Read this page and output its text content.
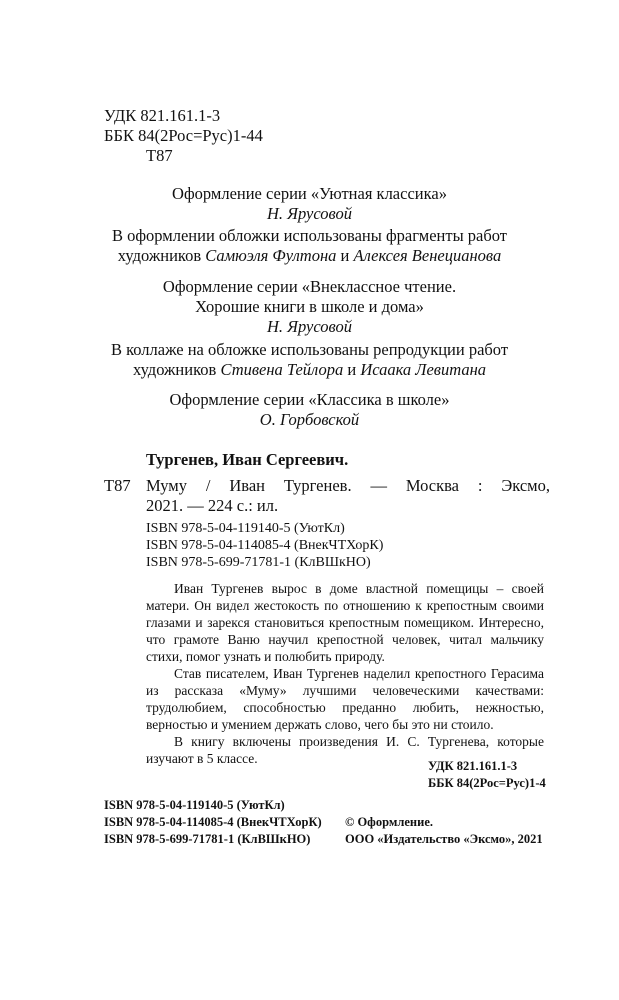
УДК 821.161.1-3
ББК 84(2Рос=Рус)1-44
Т87
Оформление серии «Уютная классика»
Н. Ярусовой
В оформлении обложки использованы фрагменты работ
художников Самюэля Фултона и Алексея Венецианова
Оформление серии «Внеклассное чтение.
Хорошие книги в школе и дома»
Н. Ярусовой
В коллаже на обложке использованы репродукции работ
художников Стивена Тейлора и Исаака Левитана
Оформление серии «Классика в школе»
О. Горбовской
Тургенев, Иван Сергеевич.
Т87 Муму / Иван Тургенев. — Москва : Эксмо,
2021. — 224 с.: ил.
ISBN 978-5-04-119140-5 (УютКл)
ISBN 978-5-04-114085-4 (ВнекЧТХорК)
ISBN 978-5-699-71781-1 (КлВШкНО)
Иван Тургенев вырос в доме властной помещицы – своей матери. Он видел жестокость по отношению к крепостным своими глазами и зарекся становиться крепостным помещиком. Интересно, что грамоте Ваню научил крепостной человек, читал мальчику стихи, помог узнать и полюбить природу.
Став писателем, Иван Тургенев наделил крепостного Герасима из рассказа «Муму» лучшими человеческими качествами: трудолюбием, способностью преданно любить, нежностью, верностью и умением держать слово, чего бы это ни стоило.
В книгу включены произведения И. С. Тургенева, которые изучают в 5 классе.	УДК 821.161.1-3
ББК 84(2Рос=Рус)1-4
ISBN 978-5-04-119140-5 (УютКл)
ISBN 978-5-04-114085-4 (ВнекЧТХорК)
ISBN 978-5-699-71781-1 (КлВШкНО)
© Оформление.
ООО «Издательство «Эксмо», 2021
